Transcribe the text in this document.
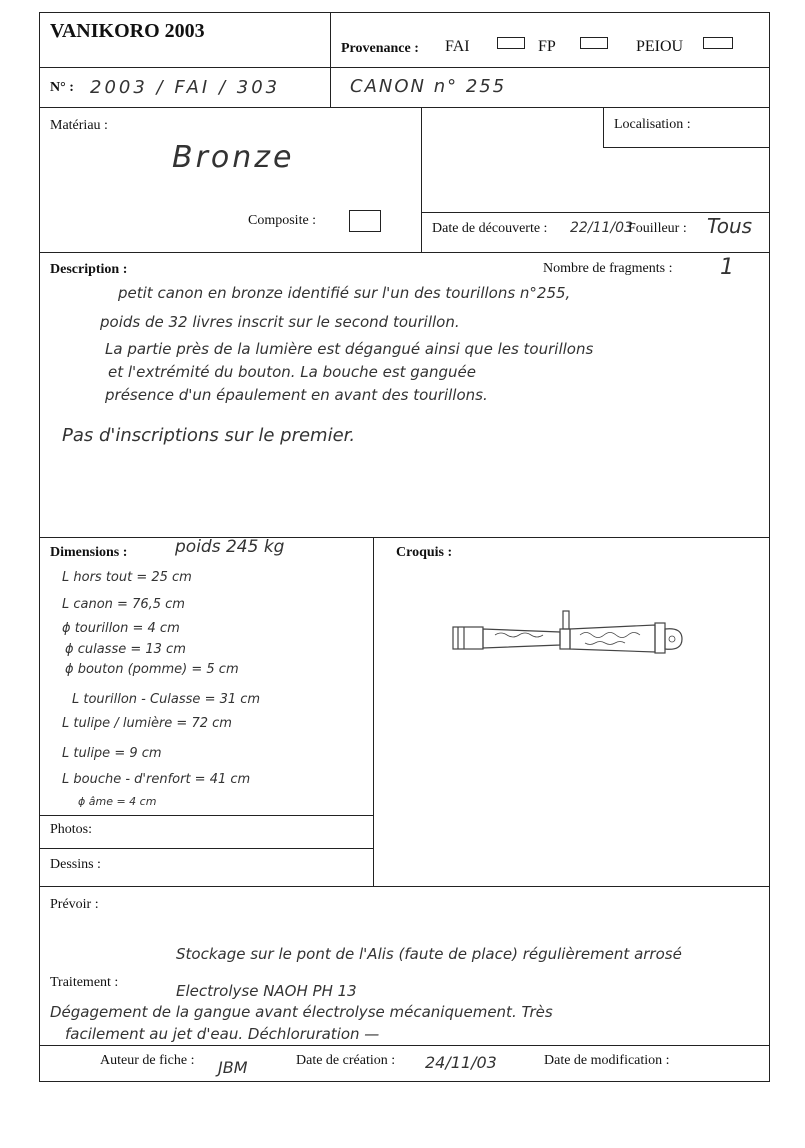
VANIKORO 2003
Provenance : FAI	FP	PEIOU
N° : 2003 / FAI / 303	CANON n° 255
Matériau :
Bronze
Composite :
Localisation :
Date de découverte : 22/11/03
Fouilleur : Tous
Description :	Nombre de fragments : 1
petit canon en bronze identifié sur l'un des tourillons n°255,
poids de 32 livres inscrit sur le second tourillon.
La partie près de la lumière est dégangué ainsi que les tourillons
et l'extrémité du bouton. La bouche est ganguée
présence d'un épaulement en avant des tourillons.
Pas d'inscriptions sur le premier.
Dimensions :	poids 245 kg
L hors tout = 25 cm
L canon = 76,5 cm
ϕ tourillon = 4 cm
ϕ culasse = 13 cm
ϕ bouton (pomme) = 5 cm
L tourillon - Culasse = 31 cm
L tulipe / lumière = 72 cm
L tulipe = 9 cm
L bouche - d'renfort = 41 cm
ϕ âme = 4 cm
Croquis :
Photos:
Dessins :
Prévoir :
Traitement :
Stockage sur le pont de l'Alis (faute de place) régulièrement arrosé
Electrolyse NAOH PH 13
Dégagement de la gangue avant électrolyse mécaniquement. Très
facilement au jet d'eau. Déchloruration —
Auteur de fiche : JBM	Date de création : 24/11/03	Date de modification :
